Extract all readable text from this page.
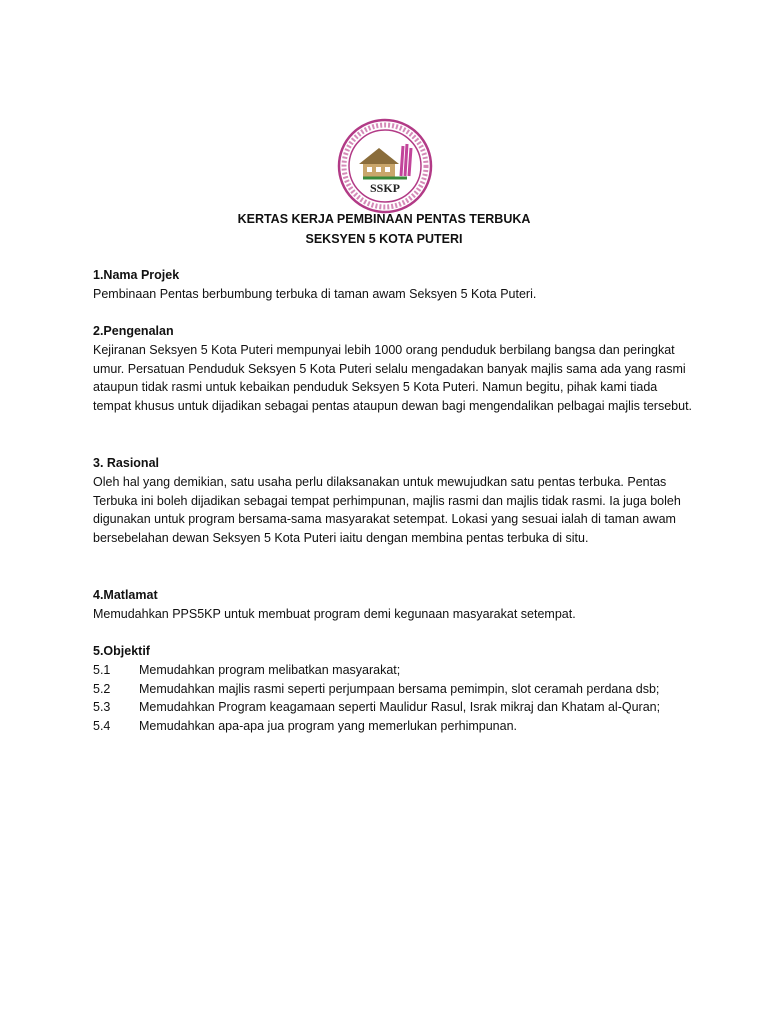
SSKP
KERTAS KERJA PEMBINAAN PENTAS TERBUKA
SEKSYEN 5 KOTA PUTERI
1.Nama Projek

Pembinaan Pentas berbumbung terbuka di taman awam Seksyen 5 Kota Puteri.

2.Pengenalan

Kejiranan Seksyen 5 Kota Puteri mempunyai lebih 1000 orang penduduk berbilang bangsa dan peringkat umur. Persatuan Penduduk Seksyen 5 Kota Puteri selalu mengadakan banyak majlis sama ada yang rasmi ataupun tidak rasmi untuk kebaikan penduduk Seksyen 5 Kota Puteri. Namun begitu, pihak kami tiada tempat khusus untuk dijadikan sebagai pentas ataupun dewan bagi mengendalikan pelbagai majlis tersebut.

3. Rasional

Oleh hal yang demikian, satu usaha perlu dilaksanakan untuk mewujudkan satu pentas terbuka. Pentas Terbuka ini boleh dijadikan sebagai tempat perhimpunan, majlis rasmi dan majlis tidak rasmi. Ia juga boleh digunakan untuk program bersama-sama masyarakat setempat. Lokasi yang sesuai ialah di taman awam bersebelahan dewan Seksyen 5 Kota Puteri iaitu dengan membina pentas terbuka di situ.

4.Matlamat

Memudahkan PPS5KP untuk membuat program demi kegunaan masyarakat setempat.

5.Objektif
5.1 Memudahkan program melibatkan masyarakat;
5.2 Memudahkan majlis rasmi seperti perjumpaan bersama pemimpin, slot ceramah perdana dsb;
5.3 Memudahkan Program keagamaan seperti Maulidur Rasul, Israk mikraj dan Khatam al-Quran;
5.4 Memudahkan apa-apa jua program yang memerlukan perhimpunan.
